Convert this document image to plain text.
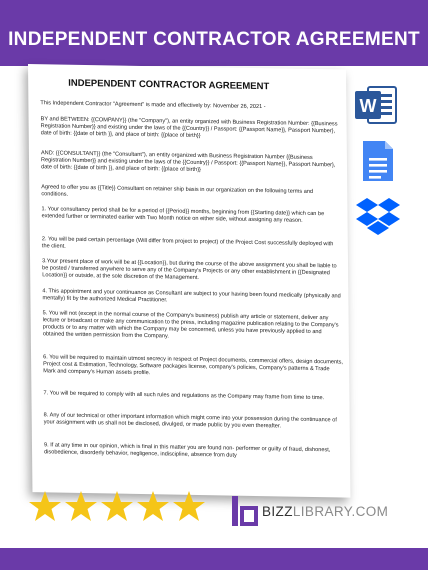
INDEPENDENT CONTRACTOR AGREEMENT
INDEPENDENT CONTRACTOR AGREEMENT

This Independent Contractor "Agreement" is made and effectively by: November 26, 2021 -

BY and BETWEEN: {{COMPANY}} (the "Company"), an entity organized with Business Registration Number: {{Business Registration Number}} and existing under the laws of the {{Country}} / Passport: {{Passport Name}}, Passport Number}, date of birth: {{date of birth }}, and place of birth: {{place of birth}}

AND: {{CONSULTANT}} (the "Consultant"), an entity organized with Business Registration Number {{Business Registration Number}} and existing under the laws of the {{Country}} / Passport: {{Passport Name}}, Passport Number}, date of birth: {{date of birth }}, and place of birth: {{place of birth}}

Agreed to offer you as {{Title}} Consultant on retainer ship basis in our organization on the following terms and conditions.

1. Your consultancy period shall be for a period of {{Period}} months, beginning from {{Starting date}} which can be extended further or terminated earlier with Two Month notice on either side, without assigning any reason.

2. You will be paid certain percentage (Will differ from project to project) of the Project Cost successfully deployed with the client.

3.Your present place of work will be at {{Location}}, but during the course of the above assignment you shall be liable to be posted / transferred anywhere to serve any of the Company's Projects or any other establishment in {{Designated Location}} or outside, at the sole discretion of the Management.

4. This appointment and your continuance as Consultant are subject to your having been found medically (physically and mentally) fit by the authorized Medical Practitioner.

5. You will not (except in the normal course of the Company's business) publish any article or statement, deliver any lecture or broadcast or make any communication to the press, including magazine publication relating to the Company's products or to any matter with which the Company may be concerned, unless you have previously applied to and obtained the written permission from the Company.

6. You will be required to maintain utmost secrecy in respect of Project documents, commercial offers, design documents, Project cost & Estimation, Technology, Software packages license, company's policies, Company's patterns & Trade Mark and company's Human assets profile.

7. You will be required to comply with all such rules and regulations as the Company may frame from time to time.

8. Any of our technical or other important information which might come into your possession during the continuance of your assignment with us shall not be disclosed, divulged, or made public by you even thereafter.

9. If at any time in our opinion, which is final in this matter you are found non- performer or guilty of fraud, dishonest, disobedience, disorderly behavior, negligence, indiscipline, absence from duty

W
BIZZLIBRARY.COM
